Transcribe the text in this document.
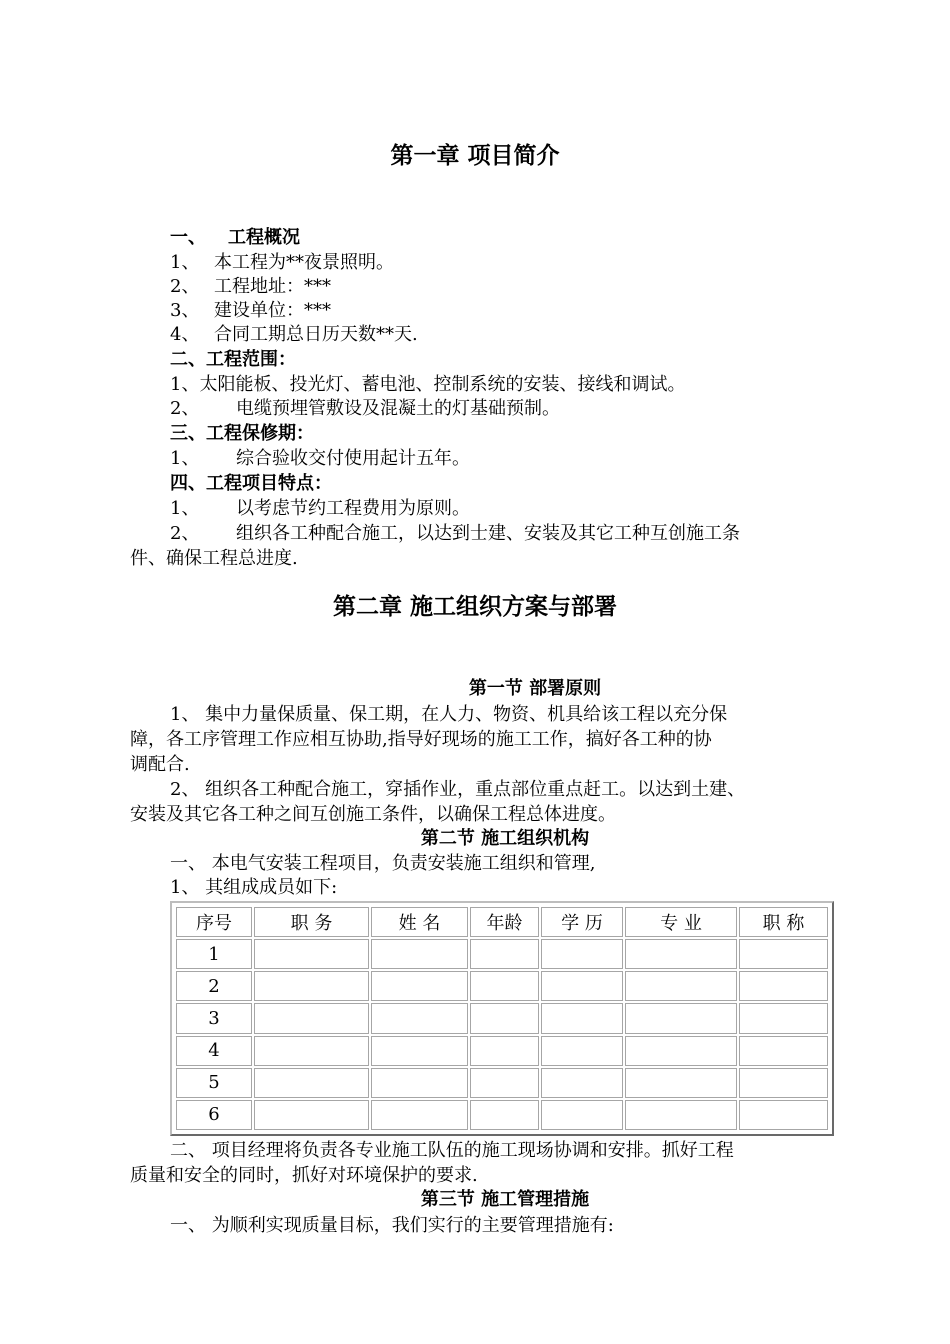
第一章 项目简介
一、 工程概况
1、 本工程为**夜景照明。
2、 工程地址：***
3、 建设单位：***
4、 合同工期总日历天数**天.
二、工程范围：
1、太阳能板、投光灯、蓄电池、控制系统的安装、接线和调试。
2、 电缆预埋管敷设及混凝土的灯基础预制。
三、工程保修期：
1、 综合验收交付使用起计五年。
四、工程项目特点：
1、 以考虑节约工程费用为原则。
2、 组织各工种配合施工，以达到士建、安装及其它工种互创施工条
件、确保工程总进度.
第二章 施工组织方案与部署
第一节 部署原则
1、 集中力量保质量、保工期，在人力、物资、机具给该工程以充分保
障，各工序管理工作应相互协助,指导好现场的施工工作，搞好各工种的协
调配合.
2、 组织各工种配合施工，穿插作业，重点部位重点赶工。以达到土建、
安装及其它各工种之间互创施工条件，以确保工程总体进度。
第二节 施工组织机构
一、 本电气安装工程项目，负责安装施工组织和管理,
1、 其组成成员如下:
序号	职 务	姓 名	年龄	学 历	专 业	职 称
1						
2						
3						
4						
5						
6						
二、 项目经理将负责各专业施工队伍的施工现场协调和安排。抓好工程
质量和安全的同时，抓好对环境保护的要求.
第三节 施工管理措施
一、 为顺利实现质量目标，我们实行的主要管理措施有:
